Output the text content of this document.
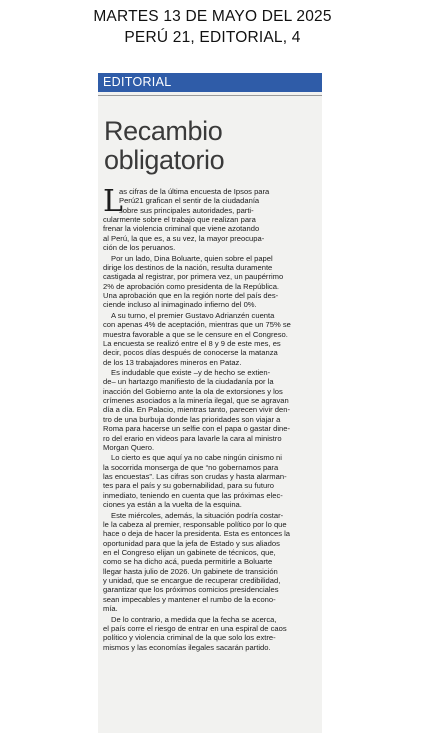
MARTES 13 DE MAYO DEL 2025
PERÚ 21, EDITORIAL, 4
EDITORIAL
Recambio
obligatorio
L
as cifras de la última encuesta de Ipsos para
Perú21 grafican el sentir de la ciudadanía
sobre sus principales autoridades, parti-
cularmente sobre el trabajo que realizan para
frenar la violencia criminal que viene azotando
al Perú, la que es, a su vez, la mayor preocupa-
ción de los peruanos.
Por un lado, Dina Boluarte, quien sobre el papel
dirige los destinos de la nación, resulta duramente
castigada al registrar, por primera vez, un paupérrimo
2% de aprobación como presidenta de la República.
Una aprobación que en la región norte del país des-
ciende incluso al inimaginado infierno del 0%.
A su turno, el premier Gustavo Adrianzén cuenta
con apenas 4% de aceptación, mientras que un 75% se
muestra favorable a que se le censure en el Congreso.
La encuesta se realizó entre el 8 y 9 de este mes, es
decir, pocos días después de conocerse la matanza
de los 13 trabajadores mineros en Pataz.
Es indudable que existe –y de hecho se extien-
de– un hartazgo manifiesto de la ciudadanía por la
inacción del Gobierno ante la ola de extorsiones y los
crímenes asociados a la minería ilegal, que se agravan
día a día. En Palacio, mientras tanto, parecen vivir den-
tro de una burbuja donde las prioridades son viajar a
Roma para hacerse un selfie con el papa o gastar dine-
ro del erario en videos para lavarle la cara al ministro
Morgan Quero.
Lo cierto es que aquí ya no cabe ningún cinismo ni
la socorrida monserga de que “no gobernamos para
las encuestas”. Las cifras son crudas y hasta alarman-
tes para el país y su gobernabilidad, para su futuro
inmediato, teniendo en cuenta que las próximas elec-
ciones ya están a la vuelta de la esquina.
Este miércoles, además, la situación podría costar-
le la cabeza al premier, responsable político por lo que
hace o deja de hacer la presidenta. Esta es entonces la
oportunidad para que la jefa de Estado y sus aliados
en el Congreso elijan un gabinete de técnicos, que,
como se ha dicho acá, pueda permitirle a Boluarte
llegar hasta julio de 2026. Un gabinete de transición
y unidad, que se encargue de recuperar credibilidad,
garantizar que los próximos comicios presidenciales
sean impecables y mantener el rumbo de la econo-
mía.
De lo contrario, a medida que la fecha se acerca,
el país corre el riesgo de entrar en una espiral de caos
político y violencia criminal de la que solo los extre-
mismos y las economías ilegales sacarán partido.
